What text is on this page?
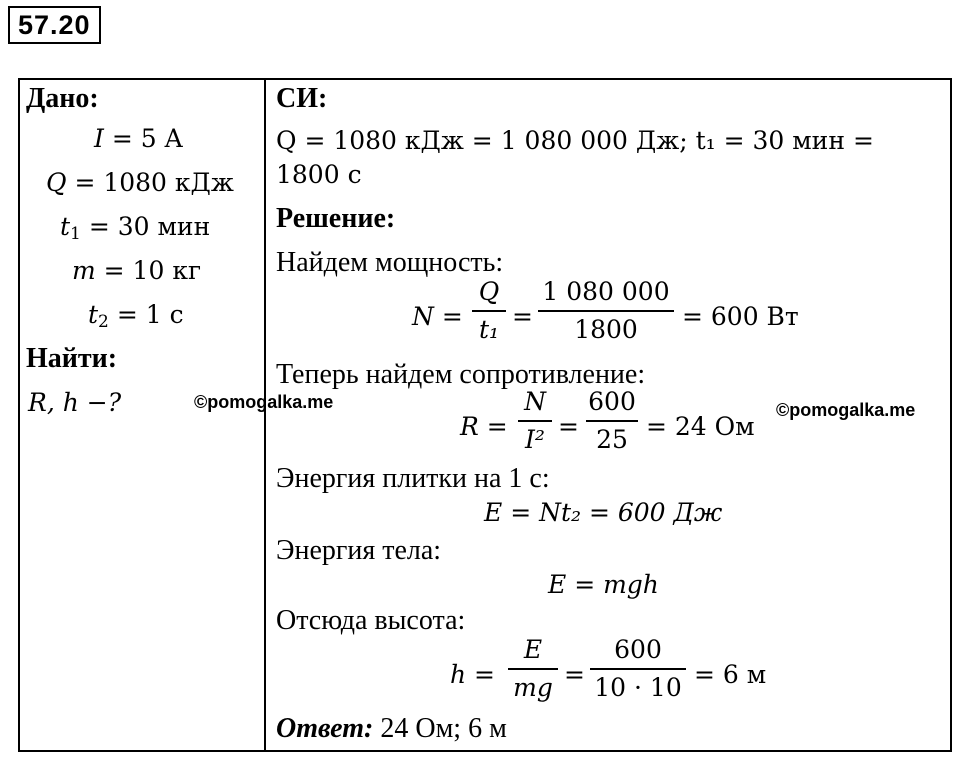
57.20
Дано:
I = 5 A
Q = 1080 кДж
$t_1 = 30$ мин
m = 10 кг
$t_2 = 1$ c
Найти:
R, h −?
СИ:
Q = 1080 кДж = 1 080 000 Дж; t₁ = 30 мин =
1800 c
Решение:
Найдем мощность:
N =
Q
t₁ =
1 080 000
1800	= 600 Вт
Теперь найдем сопротивление:
R =
N
I² =
600
25 = 24 Ом
Энергия плитки на 1 с:
E = Nt₂ = 600 Дж
Энергия тела:
E = mgh
Отсюда высота:
h =
E
mg =
600
10 · 10 = 6 м
Ответ: 24 Ом; 6 м
©pomogalka.me	©pomogalka.me
